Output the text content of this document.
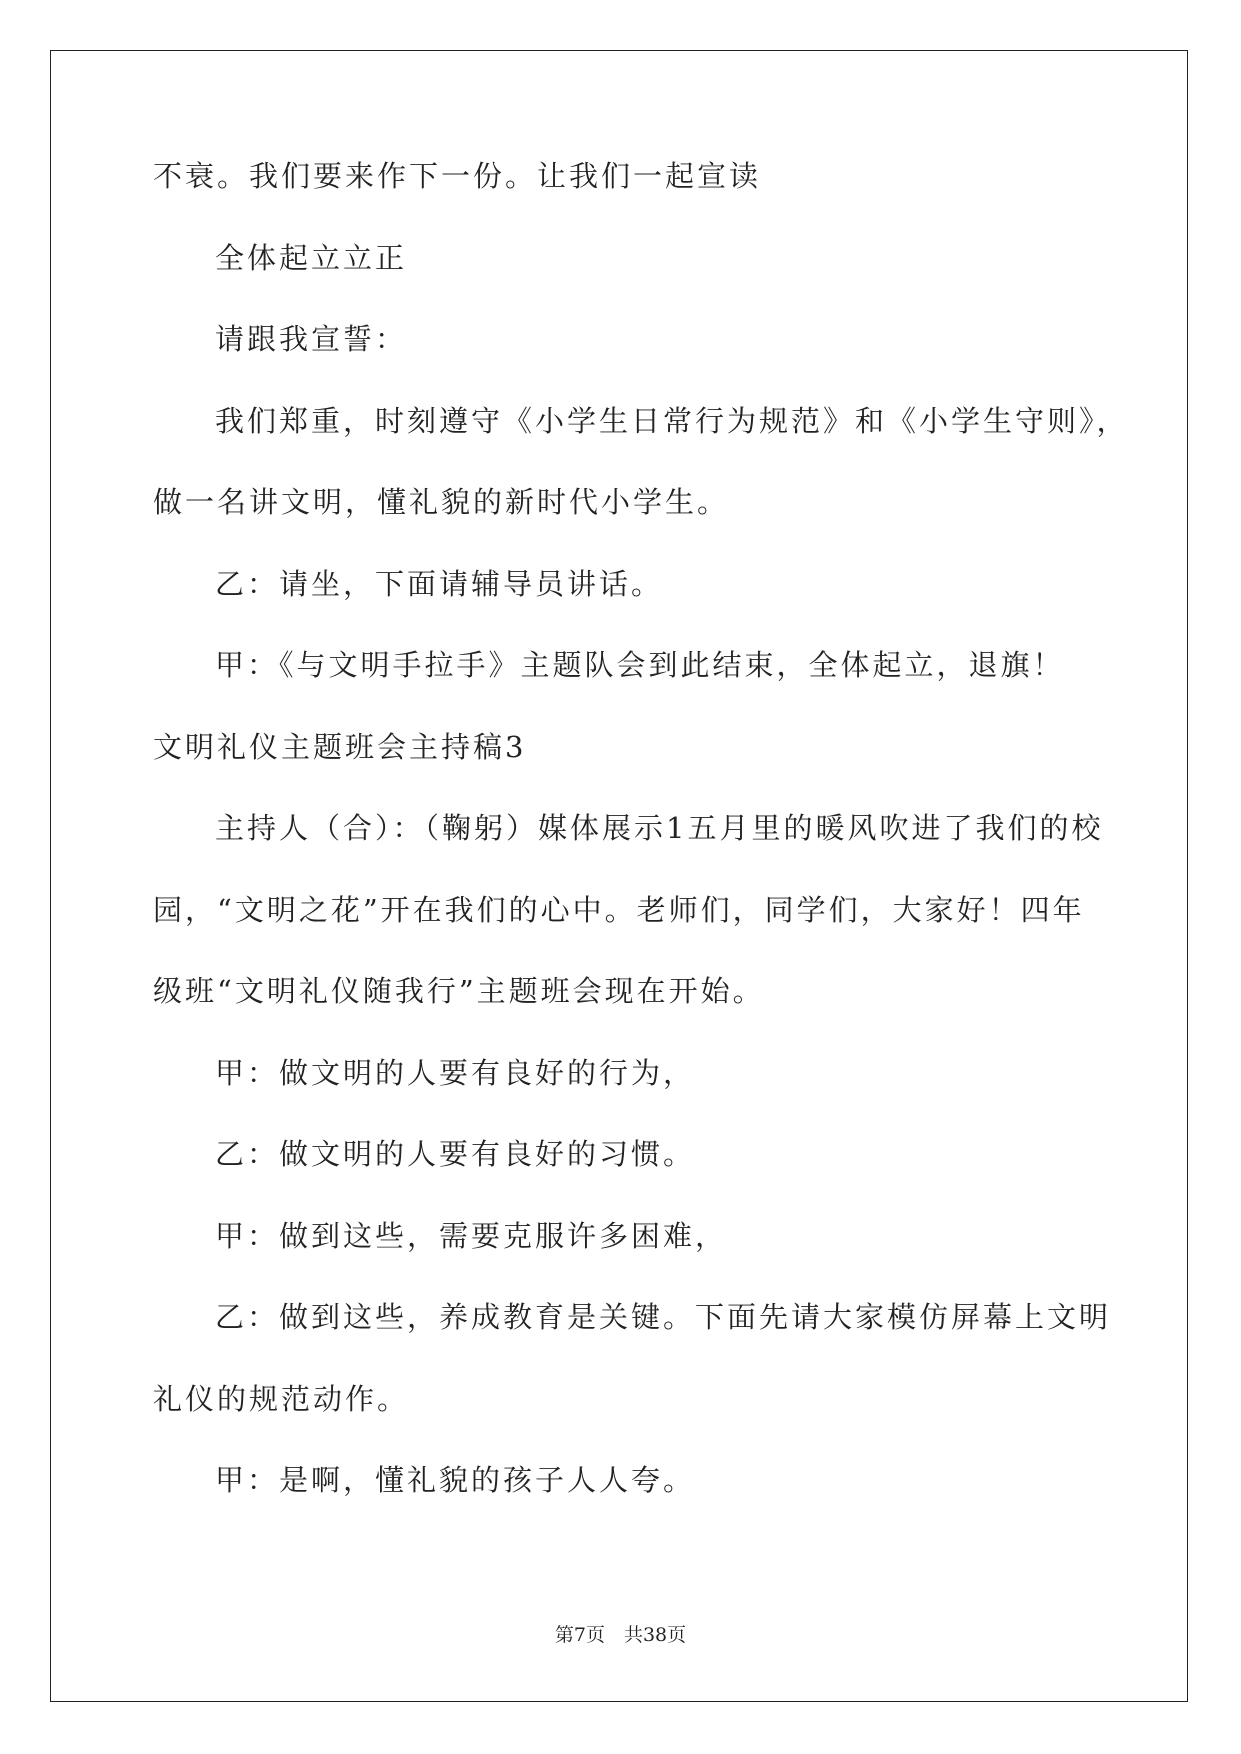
不衰。我们要来作下一份。让我们一起宣读
全体起立立正
请跟我宣誓：
我们郑重，时刻遵守《小学生日常行为规范》和《小学生守则》，
做一名讲文明，懂礼貌的新时代小学生。
乙：请坐，下面请辅导员讲话。
甲：《与文明手拉手》主题队会到此结束，全体起立，退旗！
文明礼仪主题班会主持稿3
主持人（合）：（鞠躬）媒体展示1五月里的暖风吹进了我们的校
园，“文明之花”开在我们的心中。老师们，同学们，大家好！四年
级班“文明礼仪随我行”主题班会现在开始。
甲：做文明的人要有良好的行为，
乙：做文明的人要有良好的习惯。
甲：做到这些，需要克服许多困难，
乙：做到这些，养成教育是关键。下面先请大家模仿屏幕上文明
礼仪的规范动作。
甲：是啊，懂礼貌的孩子人人夸。
第7页　共38页
